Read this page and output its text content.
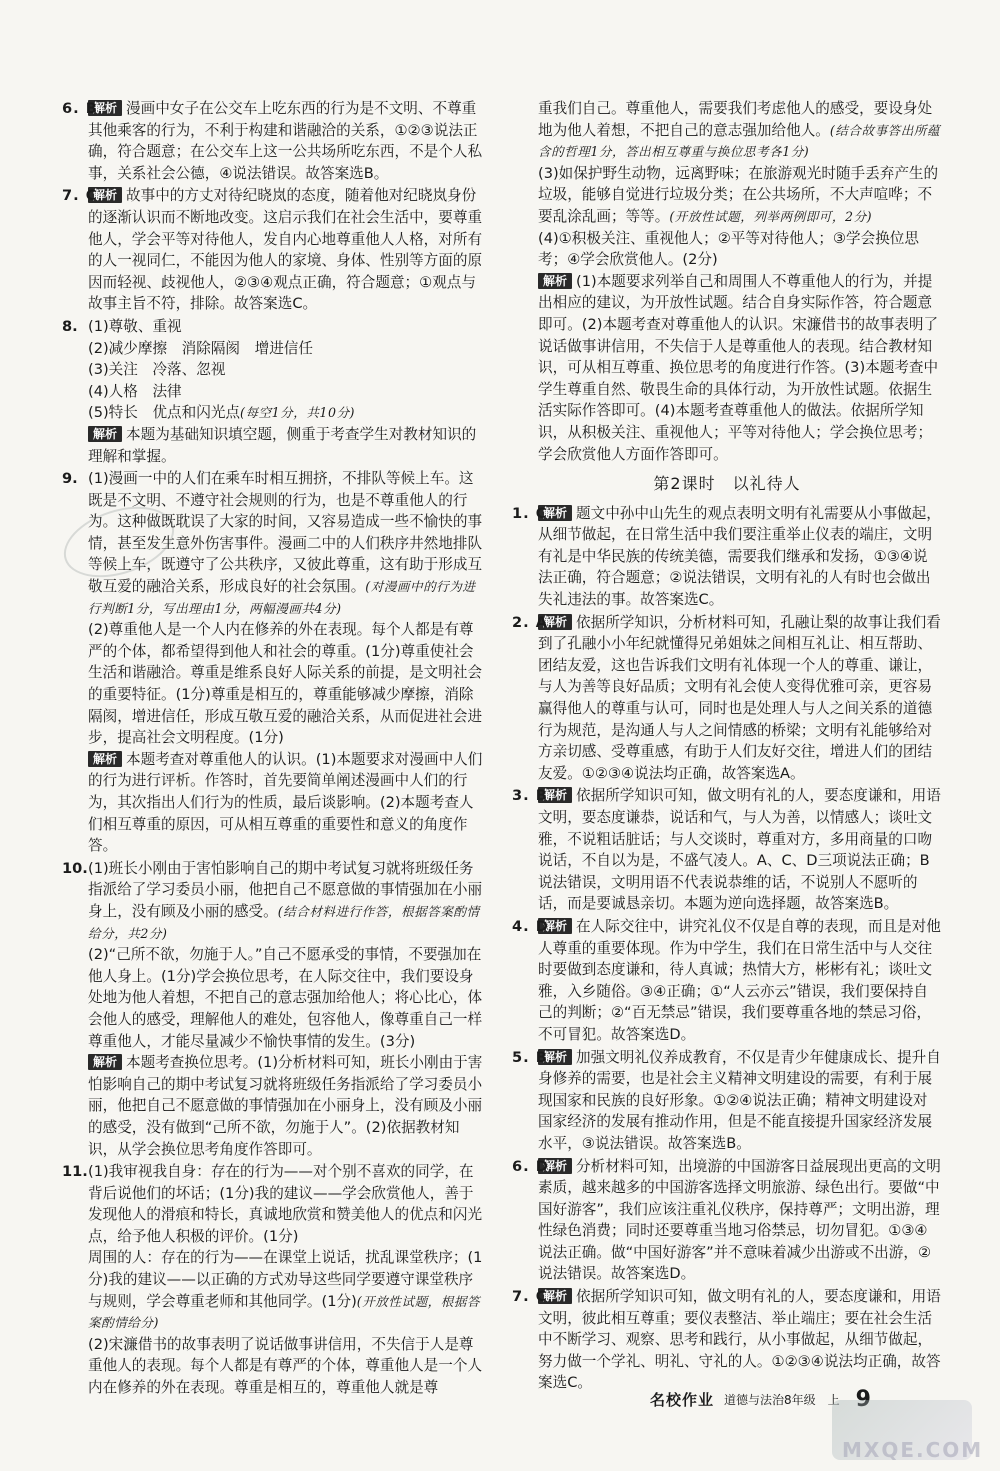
6. B
解析 漫画中女子在公交车上吃东西的行为是不文明、不尊重其他乘客的行为，不利于构建和谐融洽的关系，①②③说法正确，符合题意；在公交车上这一公共场所吃东西，不是个人私事，关系社会公德，④说法错误。故答案选B。
7. C
解析 故事中的方丈对待纪晓岚的态度，随着他对纪晓岚身份的逐渐认识而不断地改变。这启示我们在社会生活中，要尊重他人，学会平等对待他人，发自内心地尊重他人人格，对所有的人一视同仁，不能因为他人的家境、身体、性别等方面的原因而轻视、歧视他人，②③④观点正确，符合题意；①观点与故事主旨不符，排除。故答案选C。
8. (1)尊敬、重视
(2)减少摩擦　消除隔阂　增进信任
(3)关注　冷落、忽视
(4)人格　法律
(5)特长　优点和闪光点(每空1分，共10分)
解析 本题为基础知识填空题，侧重于考查学生对教材知识的理解和掌握。
9. (1)漫画一中的人们在乘车时相互拥挤，不排队等候上车。这既是不文明、不遵守社会规则的行为，也是不尊重他人的行为。这种做既耽误了大家的时间，又容易造成一些不愉快的事情，甚至发生意外伤害事件。漫画二中的人们秩序井然地排队等候上车，既遵守了公共秩序，又彼此尊重，这有助于形成互敬互爱的融洽关系，形成良好的社会氛围。(对漫画中的行为进行判断1分，写出理由1分，两幅漫画共4分)
(2)尊重他人是一个人内在修养的外在表现。每个人都是有尊严的个体，都希望得到他人和社会的尊重。(1分)尊重使社会生活和谐融洽。尊重是维系良好人际关系的前提，是文明社会的重要特征。(1分)尊重是相互的，尊重能够减少摩擦，消除隔阂，增进信任，形成互敬互爱的融洽关系，从而促进社会进步，提高社会文明程度。(1分)
解析 本题考查对尊重他人的认识。(1)本题要求对漫画中人们的行为进行评析。作答时，首先要简单阐述漫画中人们的行为，其次指出人们行为的性质，最后谈影响。(2)本题考查人们相互尊重的原因，可从相互尊重的重要性和意义的角度作答。
10. (1)班长小刚由于害怕影响自己的期中考试复习就将班级任务指派给了学习委员小丽，他把自己不愿意做的事情强加在小丽身上，没有顾及小丽的感受。(结合材料进行作答，根据答案酌情给分，共2分)
(2)“己所不欲，勿施于人。”自己不愿承受的事情，不要强加在他人身上。(1分)学会换位思考，在人际交往中，我们要设身处地为他人着想，不把自己的意志强加给他人；将心比心，体会他人的感受，理解他人的难处，包容他人，像尊重自己一样尊重他人，才能尽量减少不愉快事情的发生。(3分)
解析 本题考查换位思考。(1)分析材料可知，班长小刚由于害怕影响自己的期中考试复习就将班级任务指派给了学习委员小丽，他把自己不愿意做的事情强加在小丽身上，没有顾及小丽的感受，没有做到“己所不欲，勿施于人”。(2)依据教材知识，从学会换位思考角度作答即可。
11. (1)我审视我自身：存在的行为——对个别不喜欢的同学，在背后说他们的坏话；(1分)我的建议——学会欣赏他人，善于发现他人的滑痕和特长，真诚地欣赏和赞美他人的优点和闪光点，给予他人积极的评价。(1分)
周围的人：存在的行为——在课堂上说话，扰乱课堂秩序；(1分)我的建议——以正确的方式劝导这些同学要遵守课堂秩序与规则，学会尊重老师和其他同学。(1分)(开放性试题，根据答案酌情给分)
(2)宋濂借书的故事表明了说话做事讲信用，不失信于人是尊重他人的表现。每个人都是有尊严的个体，尊重他人是一个人内在修养的外在表现。尊重是相互的，尊重他人就是尊
重我们自己。尊重他人，需要我们考虑他人的感受，要设身处地为他人着想，不把自己的意志强加给他人。(结合故事答出所蕴含的哲理1分，答出相互尊重与换位思考各1分)
(3)如保护野生动物，远离野味；在旅游观光时随手丢弃产生的垃圾，能够自觉进行垃圾分类；在公共场所，不大声喧哗；不要乱涂乱画；等等。(开放性试题，列举两例即可，2分)
(4)①积极关注、重视他人；②平等对待他人；③学会换位思考；④学会欣赏他人。(2分)
解析 (1)本题要求列举自己和周围人不尊重他人的行为，并提出相应的建议，为开放性试题。结合自身实际作答，符合题意即可。(2)本题考查对尊重他人的认识。宋濂借书的故事表明了说话做事讲信用，不失信于人是尊重他人的表现。结合教材知识，可从相互尊重、换位思考的角度进行作答。(3)本题考查中学生尊重自然、敬畏生命的具体行动，为开放性试题。依据生活实际作答即可。(4)本题考查尊重他人的做法。依据所学知识，从积极关注、重视他人；平等对待他人；学会换位思考；学会欣赏他人方面作答即可。
第2课时　以礼待人
1. C
解析 题文中孙中山先生的观点表明文明有礼需要从小事做起，从细节做起，在日常生活中我们要注重举止仪表的端庄，文明有礼是中华民族的传统美德，需要我们继承和发扬，①③④说法正确，符合题意；②说法错误，文明有礼的人有时也会做出失礼违法的事。故答案选C。
2. A
解析 依据所学知识，分析材料可知，孔融让梨的故事让我们看到了孔融小小年纪就懂得兄弟姐妹之间相互礼让、相互帮助、团结友爱，这也告诉我们文明有礼体现一个人的尊重、谦让，与人为善等良好品质；文明有礼会使人变得优雅可亲，更容易赢得他人的尊重与认可，同时也是处理人与人之间关系的道德行为规范，是沟通人与人之间情感的桥梁；文明有礼能够给对方亲切感、受尊重感，有助于人们友好交往，增进人们的团结友爱。①②③④说法均正确，故答案选A。
3. B
解析 依据所学知识可知，做文明有礼的人，要态度谦和，用语文明，要态度谦恭，说话和气，与人为善，以情感人；谈吐文雅，不说粗话脏话；与人交谈时，尊重对方，多用商量的口吻说话，不自以为是，不盛气凌人。A、C、D三项说法正确；B说法错误，文明用语不代表说恭维的话，不说别人不愿听的话，而是要诚恳亲切。本题为逆向选择题，故答案选B。
4. D
解析 在人际交往中，讲究礼仪不仅是自尊的表现，而且是对他人尊重的重要体现。作为中学生，我们在日常生活中与人交往时要做到态度谦和，待人真诚；热情大方，彬彬有礼；谈吐文雅，入乡随俗。③④正确；①“人云亦云”错误，我们要保持自己的判断；②“百无禁忌”错误，我们要尊重各地的禁忌习俗，不可冒犯。故答案选D。
5. B
解析 加强文明礼仪养成教育，不仅是青少年健康成长、提升自身修养的需要，也是社会主义精神文明建设的需要，有利于展现国家和民族的良好形象。①②④说法正确；精神文明建设对国家经济的发展有推动作用，但是不能直接提升国家经济发展水平，③说法错误。故答案选B。
6. D
解析 分析材料可知，出境游的中国游客日益展现出更高的文明素质，越来越多的中国游客选择文明旅游、绿色出行。要做“中国好游客”，我们应该注重礼仪秩序，保持尊严；文明出游，理性绿色消费；同时还要尊重当地习俗禁忌，切勿冒犯。①③④说法正确。做“中国好游客”并不意味着减少出游或不出游，②说法错误。故答案选D。
7. C
解析 依据所学知识可知，做文明有礼的人，要态度谦和，用语文明，彼此相互尊重；要仪表整洁、举止端庄；要在社会生活中不断学习、观察、思考和践行，从小事做起，从细节做起，努力做一个学礼、明礼、守礼的人。①②③④说法均正确，故答案选C。
名校作业 道德与法治8年级　上 9
MXQE.COM
